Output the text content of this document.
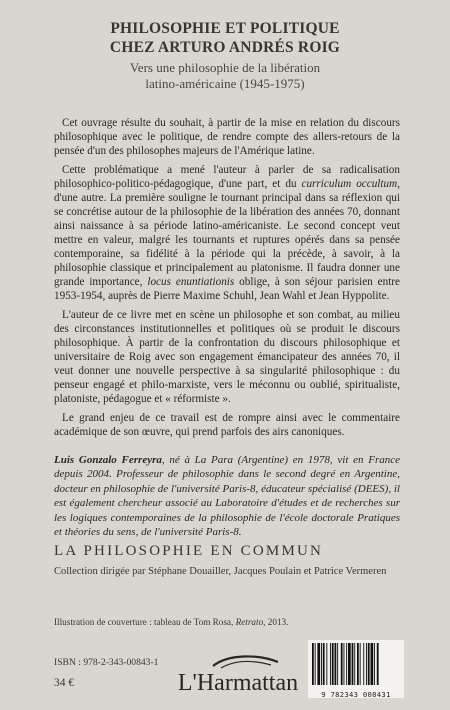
PHILOSOPHIE ET POLITIQUE
CHEZ ARTURO ANDRÉS ROIG
Vers une philosophie de la libération
latino-américaine (1945-1975)

Cet ouvrage résulte du souhait, à partir de la mise en relation du discours philosophique avec le politique, de rendre compte des allers-retours de la pensée d'un des philosophes majeurs de l'Amérique latine.

Cette problématique a mené l'auteur à parler de sa radicalisation philosophico-politico-pédagogique, d'une part, et du curriculum occultum, d'une autre. La première souligne le tournant principal dans sa réflexion qui se concrétise autour de la philosophie de la libération des années 70, donnant ainsi naissance à sa période latino-américaniste. Le second concept veut mettre en valeur, malgré les tournants et ruptures opérés dans sa pensée contemporaine, sa fidélité à la période qui la précède, à savoir, à la philosophie classique et principalement au platonisme. Il faudra donner une grande importance, locus enuntiationis oblige, à son séjour parisien entre 1953-1954, auprès de Pierre Maxime Schuhl, Jean Wahl et Jean Hyppolite.

L'auteur de ce livre met en scène un philosophe et son combat, au milieu des circonstances institutionnelles et politiques où se produit le discours philosophique. À partir de la confrontation du discours philosophique et universitaire de Roig avec son engagement émancipateur des années 70, il veut donner une nouvelle perspective à sa singularité philosophique : du penseur engagé et philo-marxiste, vers le méconnu ou oublié, spiritualiste, platoniste, pédagogue et « réformiste ».

Le grand enjeu de ce travail est de rompre ainsi avec le commentaire académique de son œuvre, qui prend parfois des airs canoniques.

Luis Gonzalo Ferreyra, né à La Para (Argentine) en 1978, vit en France depuis 2004. Professeur de philosophie dans le second degré en Argentine, docteur en philosophie de l'université Paris-8, éducateur spécialisé (DEES), il est également chercheur associé au Laboratoire d'études et de recherches sur les logiques contemporaines de la philosophie de l'école doctorale Pratiques et théories du sens, de l'université Paris-8.
LA PHILOSOPHIE EN COMMUN
Collection dirigée par Stéphane Douailler, Jacques Poulain et Patrice Vermeren
Illustration de couverture : tableau de Tom Rosa, Retrato, 2013.
ISBN : 978-2-343-00843-1
34 €	L'Harmattan	9 782343 008431
